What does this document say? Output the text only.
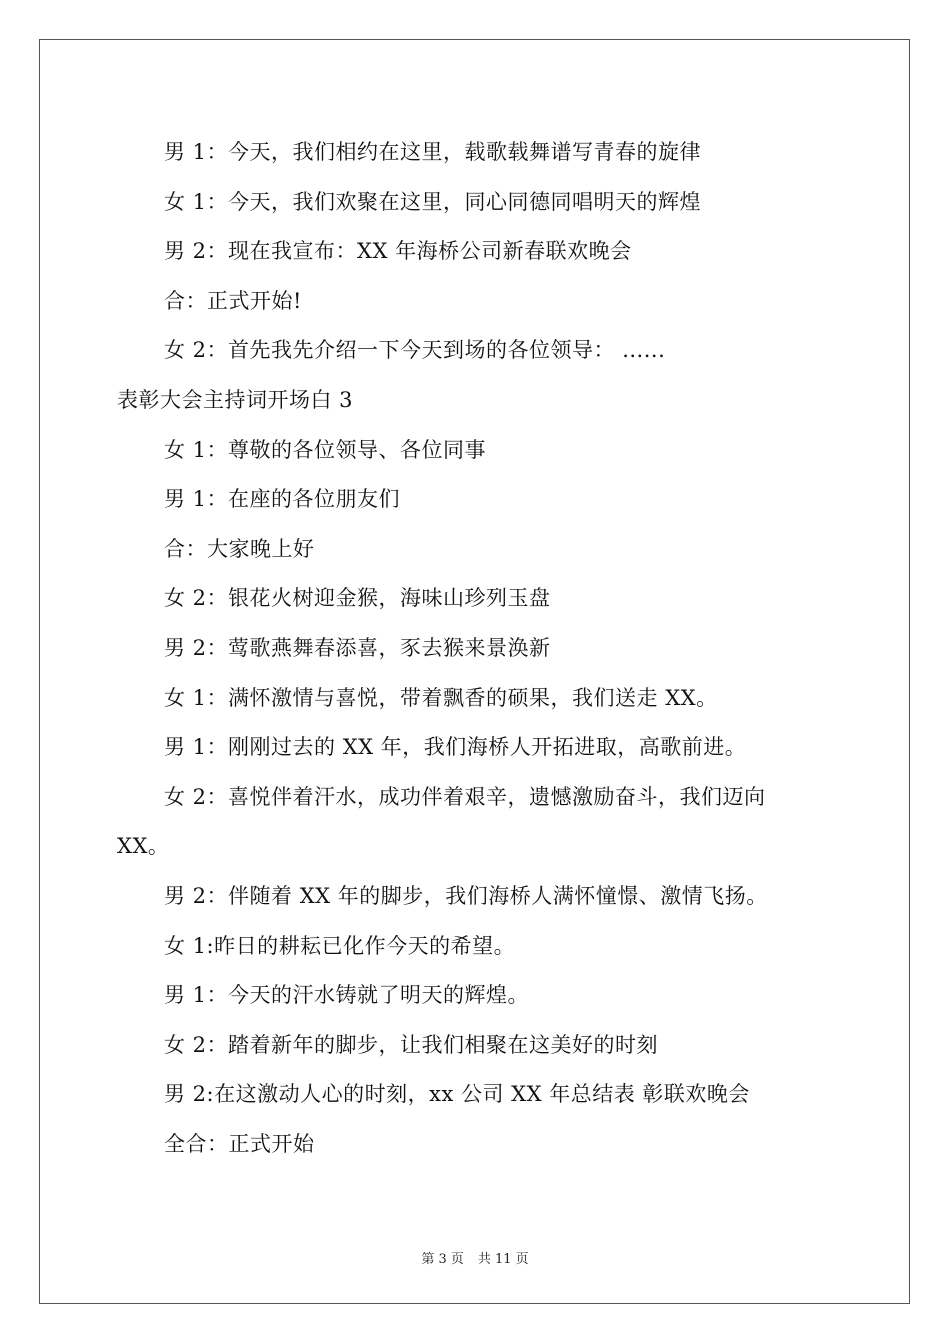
男 1：今天，我们相约在这里，载歌载舞谱写青春的旋律
女 1：今天，我们欢聚在这里，同心同德同唱明天的辉煌
男 2：现在我宣布：XX 年海桥公司新春联欢晚会
合：正式开始!
女 2：首先我先介绍一下今天到场的各位领导： ......
表彰大会主持词开场白 3
女 1：尊敬的各位领导、各位同事
男 1：在座的各位朋友们
合：大家晚上好
女 2：银花火树迎金猴，海味山珍列玉盘
男 2：莺歌燕舞春添喜，豕去猴来景涣新
女 1：满怀激情与喜悦，带着飘香的硕果，我们送走 XX。
男 1：刚刚过去的 XX 年，我们海桥人开拓进取，高歌前进。
女 2：喜悦伴着汗水，成功伴着艰辛，遗憾激励奋斗，我们迈向
XX。
男 2：伴随着 XX 年的脚步，我们海桥人满怀憧憬、激情飞扬。
女 1:昨日的耕耘已化作今天的希望。
男 1：今天的汗水铸就了明天的辉煌。
女 2：踏着新年的脚步，让我们相聚在这美好的时刻
男 2:在这激动人心的时刻，xx 公司 XX 年总结表 彰联欢晚会
全合：正式开始
第 3 页 共 11 页
